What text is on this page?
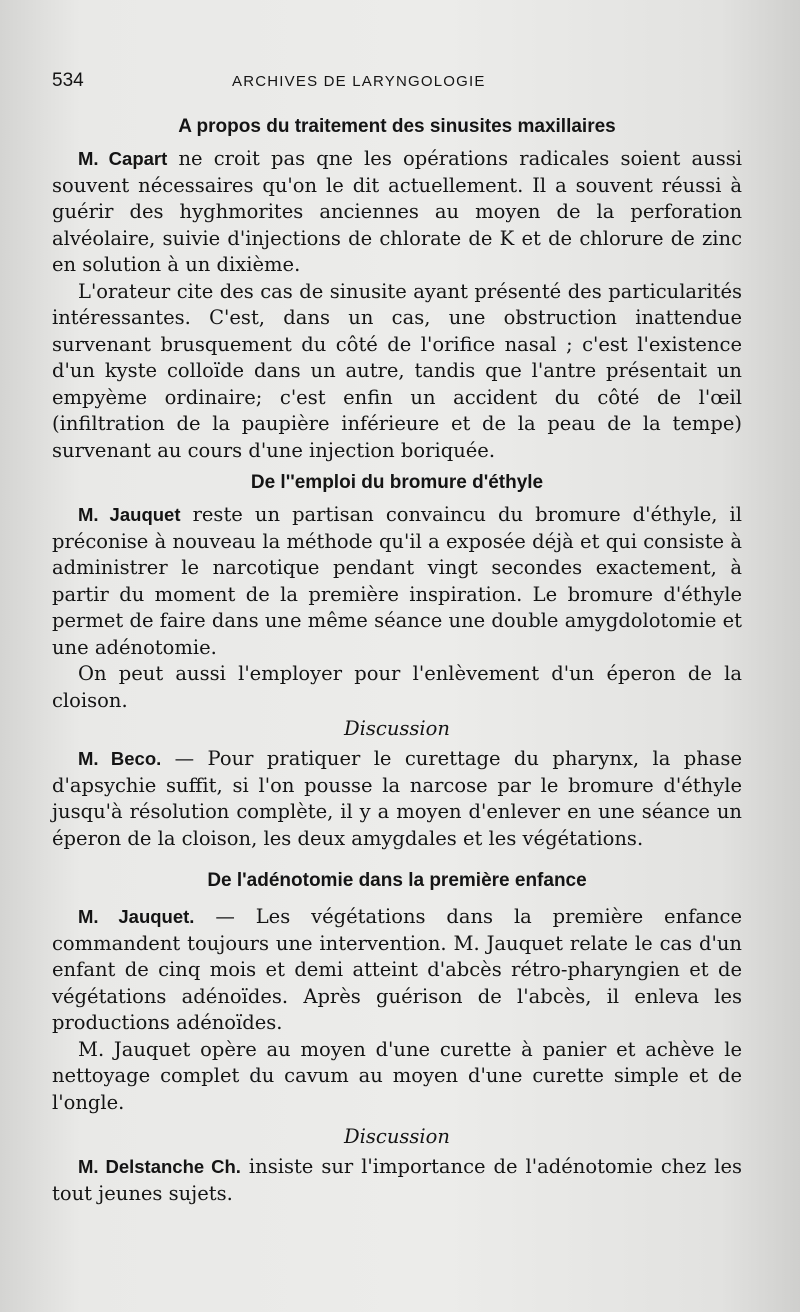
534	ARCHIVES DE LARYNGOLOGIE
A propos du traitement des sinusites maxillaires

M. Capart ne croit pas qne les opérations radicales soient aussi souvent nécessaires qu'on le dit actuellement. Il a souvent réussi à guérir des hyghmorites anciennes au moyen de la perforation alvéolaire, suivie d'injections de chlorate de K et de chlorure de zinc en solution à un dixième.

L'orateur cite des cas de sinusite ayant présenté des particularités intéressantes. C'est, dans un cas, une obstruction inattendue survenant brusquement du côté de l'orifice nasal ; c'est l'existence d'un kyste colloïde dans un autre, tandis que l'antre présentait un empyème ordinaire; c'est enfin un accident du côté de l'œil (infiltration de la paupière inférieure et de la peau de la tempe) survenant au cours d'une injection boriquée.

De l''emploi du bromure d'éthyle

M. Jauquet reste un partisan convaincu du bromure d'éthyle, il préconise à nouveau la méthode qu'il a exposée déjà et qui consiste à administrer le narcotique pendant vingt secondes exactement, à partir du moment de la première inspiration. Le bromure d'éthyle permet de faire dans une même séance une double amygdolotomie et une adénotomie.

On peut aussi l'employer pour l'enlèvement d'un éperon de la cloison.

Discussion

M. Beco. — Pour pratiquer le curettage du pharynx, la phase d'apsychie suffit, si l'on pousse la narcose par le bromure d'éthyle jusqu'à résolution complète, il y a moyen d'enlever en une séance un éperon de la cloison, les deux amygdales et les végétations.

De l'adénotomie dans la première enfance

M. Jauquet. — Les végétations dans la première enfance commandent toujours une intervention. M. Jauquet relate le cas d'un enfant de cinq mois et demi atteint d'abcès rétro-pharyngien et de végétations adénoïdes. Après guérison de l'abcès, il enleva les productions adénoïdes.

M. Jauquet opère au moyen d'une curette à panier et achève le nettoyage complet du cavum au moyen d'une curette simple et de l'ongle.

Discussion

M. Delstanche Ch. insiste sur l'importance de l'adénotomie chez les tout jeunes sujets.
